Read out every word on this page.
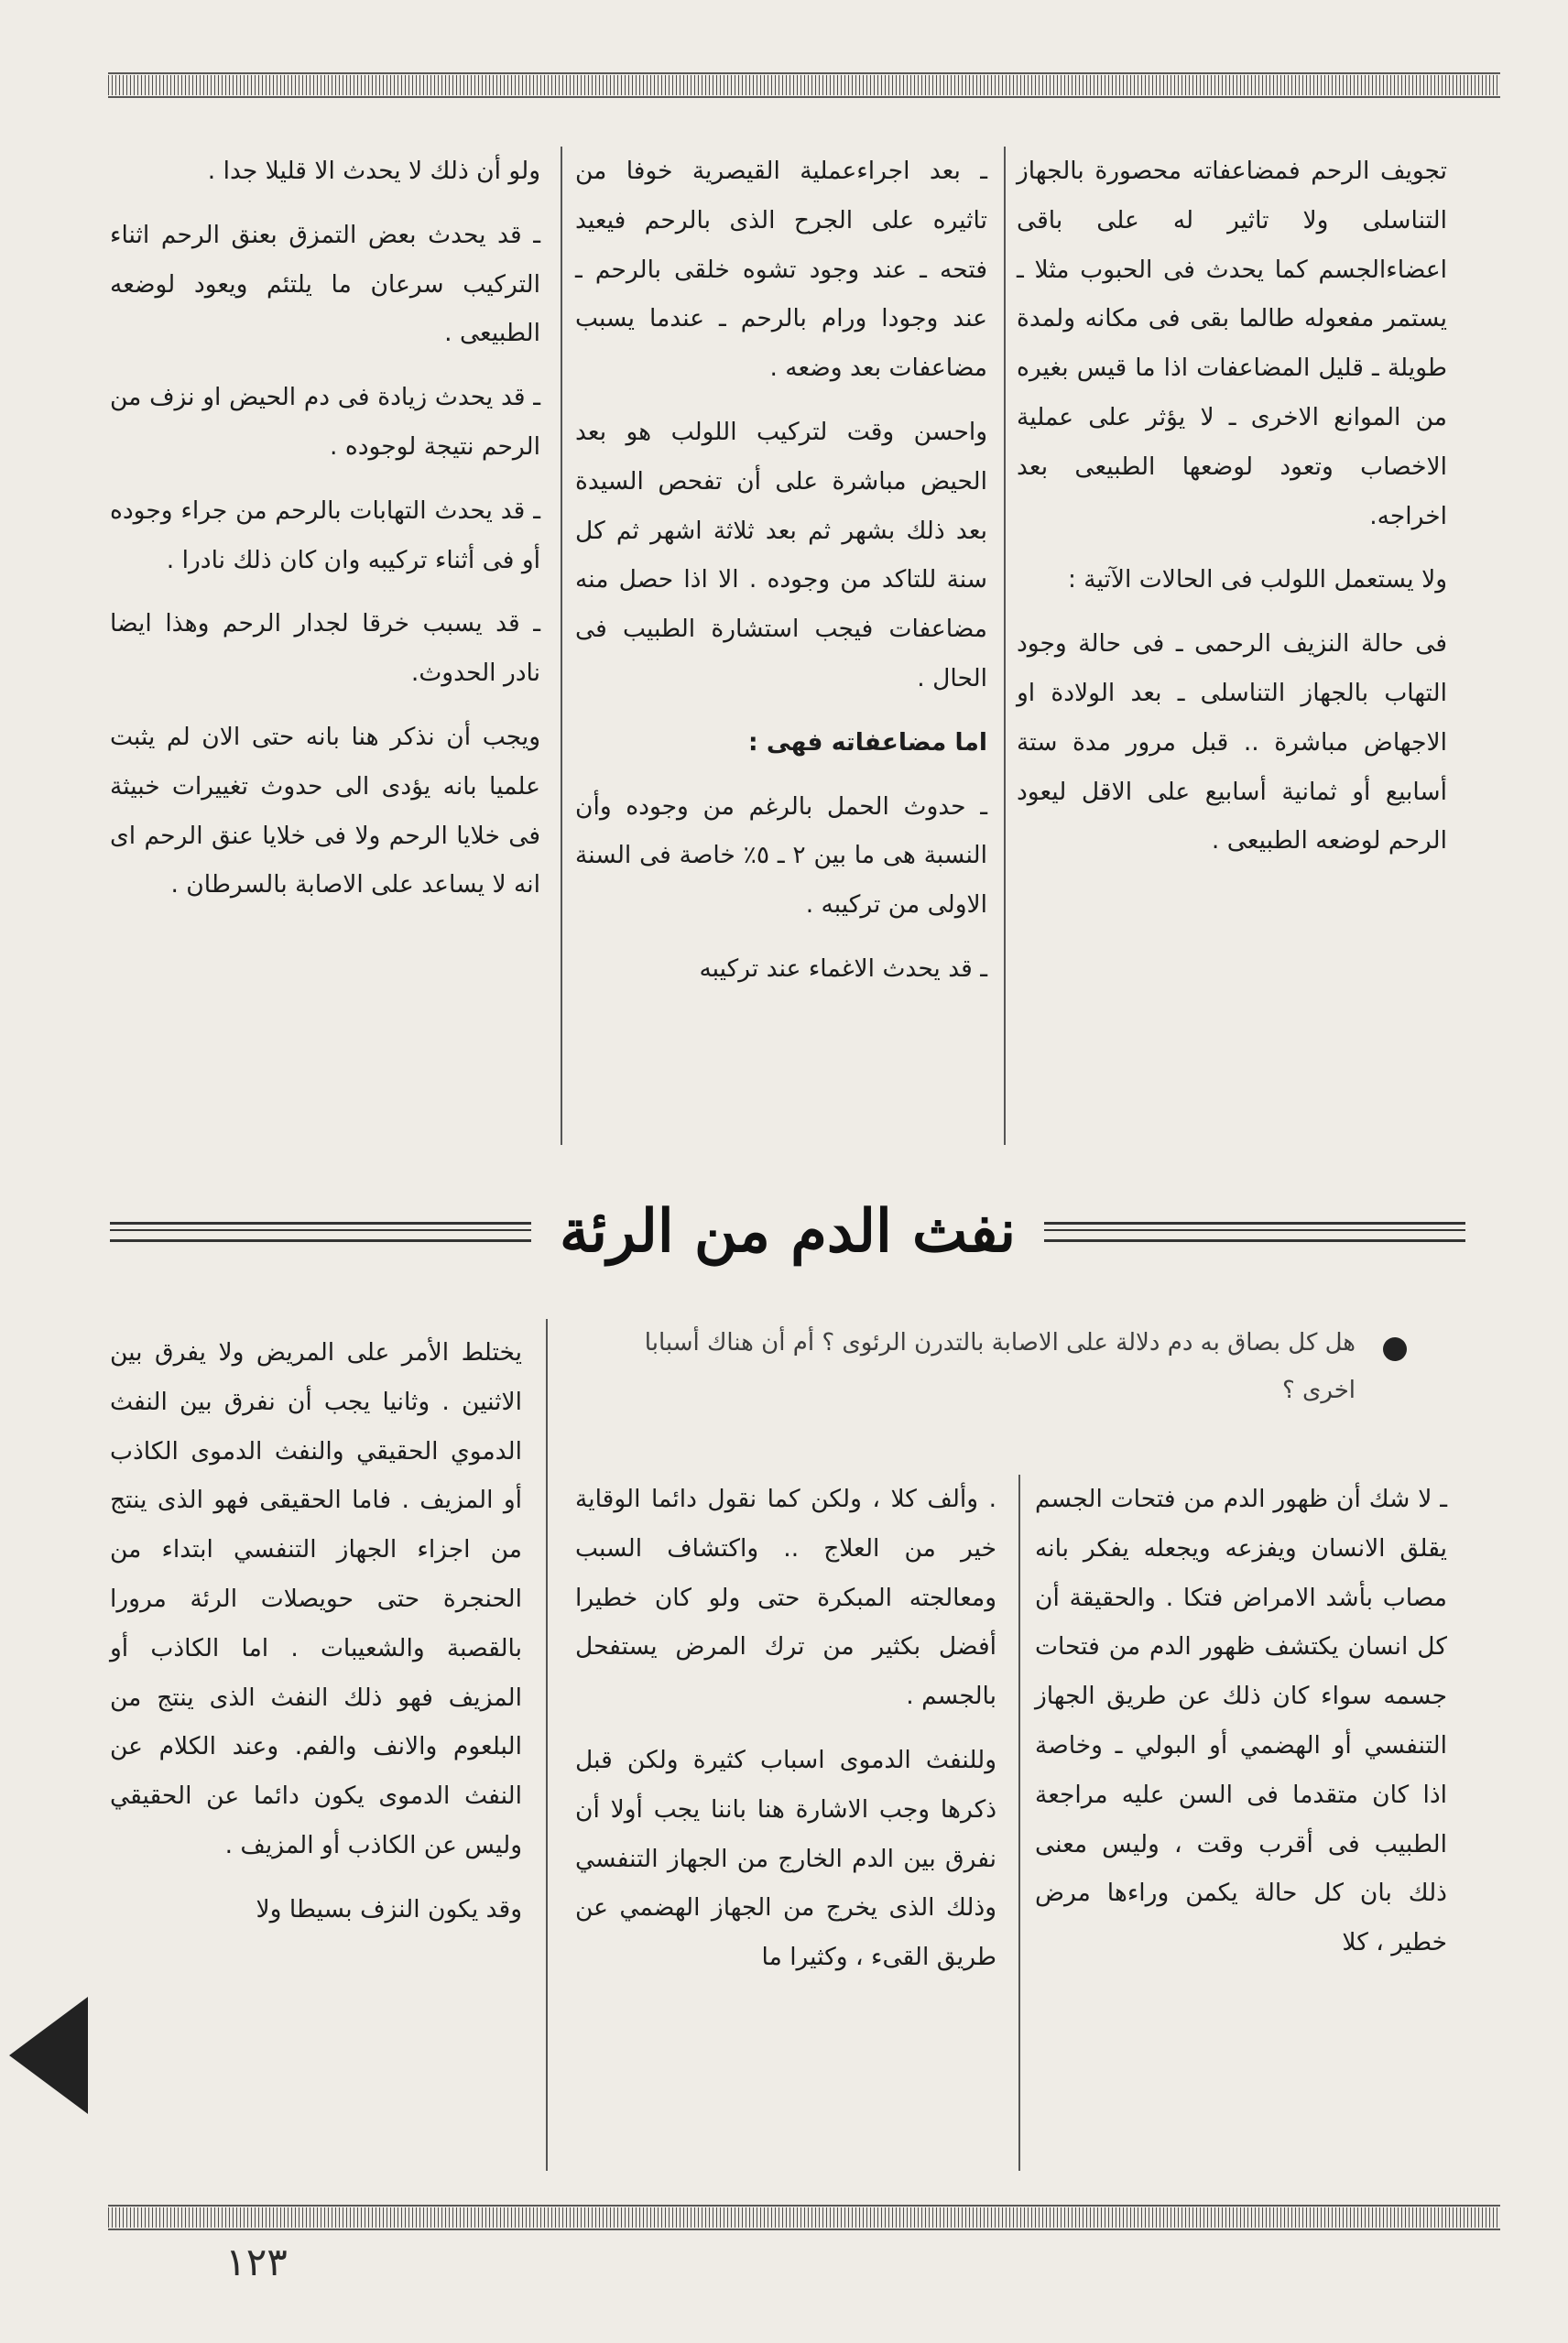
تجويف الرحم فمضاعفاته محصورة بالجهاز التناسلى ولا تاثير له على باقى اعضاءالجسم كما يحدث فى الحبوب مثلا ـ يستمر مفعوله طالما بقى فى مكانه ولمدة طويلة ـ قليل المضاعفات اذا ما قيس بغيره من الموانع الاخرى ـ لا يؤثر على عملية الاخصاب وتعود لوضعها الطبيعى بعد اخراجه.

ولا يستعمل اللولب فى الحالات الآتية :

فى حالة النزيف الرحمى ـ فى حالة وجود التهاب بالجهاز التناسلى ـ بعد الولادة او الاجهاض مباشرة .. قبل مرور مدة ستة أسابيع أو ثمانية أسابيع على الاقل ليعود الرحم لوضعه الطبيعى .

ـ بعد اجراءعملية القيصرية خوفا من تاثيره على الجرح الذى بالرحم فيعيد فتحه ـ عند وجود تشوه خلقى بالرحم ـ عند وجودا ورام بالرحم ـ عندما يسبب مضاعفات بعد وضعه .

واحسن وقت لتركيب اللولب هو بعد الحيض مباشرة على أن تفحص السيدة بعد ذلك بشهر ثم بعد ثلاثة اشهر ثم كل سنة للتاكد من وجوده . الا اذا حصل منه مضاعفات فيجب استشارة الطبيب فى الحال .

اما مضاعفاته فهى :

ـ حدوث الحمل بالرغم من وجوده وأن النسبة هى ما بين ٢ ـ ٥٪ خاصة فى السنة الاولى من تركيبه .

ـ قد يحدث الاغماء عند تركيبه

ولو أن ذلك لا يحدث الا قليلا جدا .

ـ قد يحدث بعض التمزق بعنق الرحم اثناء التركيب سرعان ما يلتئم ويعود لوضعه الطبيعى .

ـ قد يحدث زيادة فى دم الحيض او نزف من الرحم نتيجة لوجوده .

ـ قد يحدث التهابات بالرحم من جراء وجوده أو فى أثناء تركيبه وان كان ذلك نادرا .

ـ قد يسبب خرقا لجدار الرحم وهذا ايضا نادر الحدوث.

ويجب أن نذكر هنا بانه حتى الان لم يثبت علميا بانه يؤدى الى حدوث تغييرات خبيثة فى خلايا الرحم ولا فى خلايا عنق الرحم اى انه لا يساعد على الاصابة بالسرطان .

نفث الدم من الرئة
هل كل بصاق به دم دلالة على الاصابة بالتدرن الرئوى ؟ أم أن هناك أسبابا اخرى ؟

ـ لا شك أن ظهور الدم من فتحات الجسم يقلق الانسان ويفزعه ويجعله يفكر بانه مصاب بأشد الامراض فتكا . والحقيقة أن كل انسان يكتشف ظهور الدم من فتحات جسمه سواء كان ذلك عن طريق الجهاز التنفسي أو الهضمي أو البولي ـ وخاصة اذا كان متقدما فى السن عليه مراجعة الطبيب فى أقرب وقت ، وليس معنى ذلك بان كل حالة يكمن وراءها مرض خطير ، كلا

. وألف كلا ، ولكن كما نقول دائما الوقاية خير من العلاج .. واكتشاف السبب ومعالجته المبكرة حتى ولو كان خطيرا أفضل بكثير من ترك المرض يستفحل بالجسم .

وللنفث الدموى اسباب كثيرة ولكن قبل ذكرها وجب الاشارة هنا باننا يجب أولا أن نفرق بين الدم الخارج من الجهاز التنفسي وذلك الذى يخرج من الجهاز الهضمي عن طريق القىء ، وكثيرا ما

يختلط الأمر على المريض ولا يفرق بين الاثنين . وثانيا يجب أن نفرق بين النفث الدموي الحقيقي والنفث الدموى الكاذب أو المزيف . فاما الحقيقى فهو الذى ينتج من اجزاء الجهاز التنفسي ابتداء من الحنجرة حتى حويصلات الرئة مرورا بالقصبة والشعيبات . اما الكاذب أو المزيف فهو ذلك النفث الذى ينتج من البلعوم والانف والفم. وعند الكلام عن النفث الدموى يكون دائما عن الحقيقي وليس عن الكاذب أو المزيف .

وقد يكون النزف بسيطا ولا

١٢٣
